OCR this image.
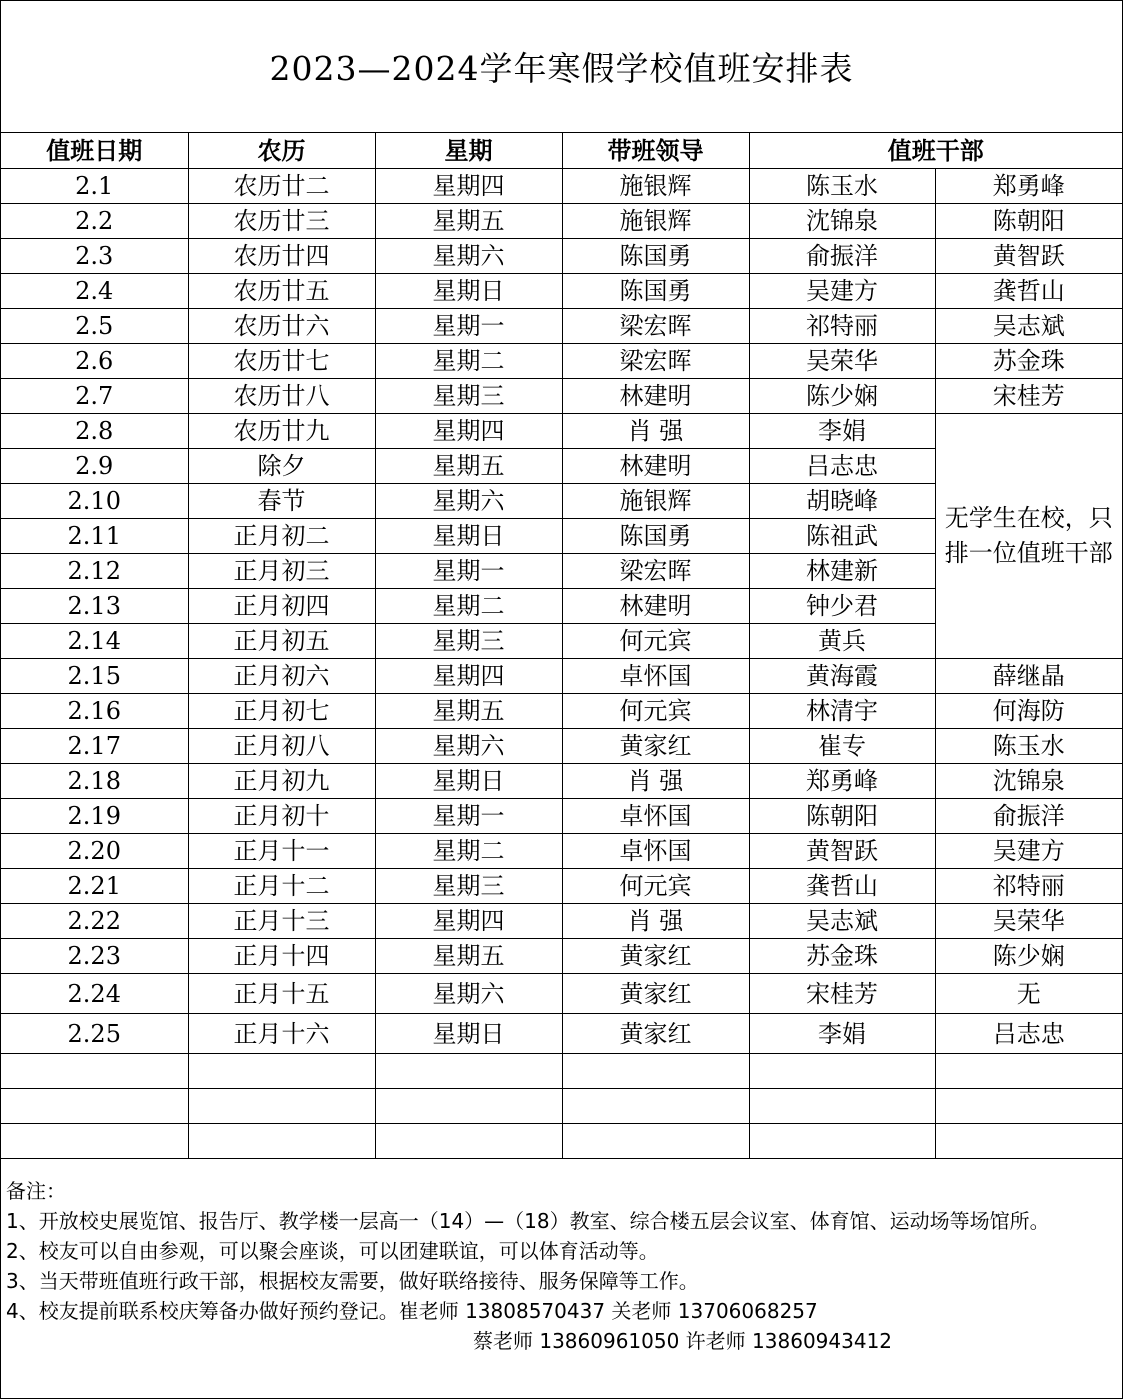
2023—2024学年寒假学校值班安排表
值班日期	农历	星期	带班领导	值班干部	
2.1	农历廿二	星期四	施银辉	陈玉水	郑勇峰
2.2	农历廿三	星期五	施银辉	沈锦泉	陈朝阳
2.3	农历廿四	星期六	陈国勇	俞振洋	黄智跃
2.4	农历廿五	星期日	陈国勇	吴建方	龚哲山
2.5	农历廿六	星期一	梁宏晖	祁特丽	吴志斌
2.6	农历廿七	星期二	梁宏晖	吴荣华	苏金珠
2.7	农历廿八	星期三	林建明	陈少娴	宋桂芳
2.8	农历廿九	星期四	肖 强	李娟	无学生在校，只排一位值班干部
2.9	除夕	星期五	林建明	吕志忠	
2.10	春节	星期六	施银辉	胡晓峰	
2.11	正月初二	星期日	陈国勇	陈祖武	
2.12	正月初三	星期一	梁宏晖	林建新	
2.13	正月初四	星期二	林建明	钟少君	
2.14	正月初五	星期三	何元宾	黄兵	
2.15	正月初六	星期四	卓怀国	黄海霞	薛继晶
2.16	正月初七	星期五	何元宾	林清宇	何海防
2.17	正月初八	星期六	黄家红	崔专	陈玉水
2.18	正月初九	星期日	肖 强	郑勇峰	沈锦泉
2.19	正月初十	星期一	卓怀国	陈朝阳	俞振洋
2.20	正月十一	星期二	卓怀国	黄智跃	吴建方
2.21	正月十二	星期三	何元宾	龚哲山	祁特丽
2.22	正月十三	星期四	肖 强	吴志斌	吴荣华
2.23	正月十四	星期五	黄家红	苏金珠	陈少娴
2.24	正月十五	星期六	黄家红	宋桂芳	无
2.25	正月十六	星期日	黄家红	李娟	吕志忠

备注：
1、开放校史展览馆、报告厅、教学楼一层高一（14）—（18）教室、综合楼五层会议室、体育馆、运动场等场馆所。
2、校友可以自由参观，可以聚会座谈，可以团建联谊，可以体育活动等。
3、当天带班值班行政干部，根据校友需要，做好联络接待、服务保障等工作。
4、校友提前联系校庆筹备办做好预约登记。崔老师 13808570437 关老师 13706068257
蔡老师 13860961050 许老师 13860943412
